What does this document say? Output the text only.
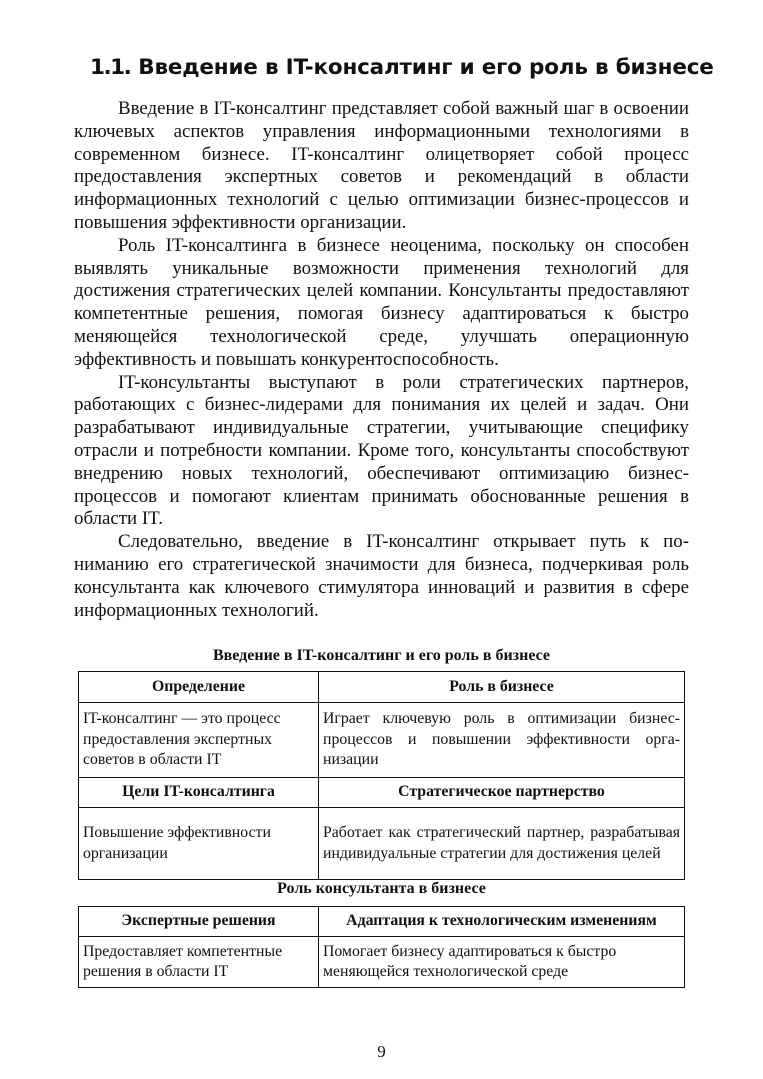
1.1. Введение в IT-консалтинг и его роль в бизнесе

Введение в IT-консалтинг представляет собой важный шаг в освоении ключевых аспектов управления информационными технологиями в современном бизнесе. IT-консалтинг олицетворяет собой процесс предоставления экспертных советов и рекомендаций в области информационных технологий с целью оптимизации бизнес-процессов и повышения эффективности организации.

Роль IT-консалтинга в бизнесе неоценима, поскольку он способен выявлять уникальные возможности применения технологий для достижения стратегических целей компании. Консультанты предоставляют компетентные решения, помогая бизнесу адаптироваться к быстро меняющейся технологической среде, улучшать операционную эффективность и повышать конкурентоспособность.

IT-консультанты выступают в роли стратегических партнеров, работающих с бизнес-лидерами для понимания их целей и задач. Они разрабатывают индивидуальные стратегии, учитывающие специфику отрасли и потребности компании. Кроме того, консультанты способствуют внедрению новых технологий, обеспечивают оптимизацию бизнес-процессов и помогают клиентам принимать обоснованные решения в области IT.

Следовательно, введение в IT-консалтинг открывает путь к пониманию его стратегической значимости для бизнеса, подчеркивая роль консультанта как ключевого стимулятора инноваций и развития в сфере информационных технологий.

Введение в IT-консалтинг и его роль в бизнесе
Определение	Роль в бизнесе
IT-консалтинг — это процесс предоставления экспертных советов в области IT	Играет ключевую роль в оптимизации бизнес-процессов и повышении эффективности организации
Цели IT-консалтинга	Стратегическое партнерство
Повышение эффективности организации	Работает как стратегический партнер, разрабатывая индивидуальные стратегии для достижения целей
Роль консультанта в бизнесе
Экспертные решения	Адаптация к технологическим изменениям
Предоставляет компетентные решения в области IT	Помогает бизнесу адаптироваться к быстро меняющейся технологической среде
9
